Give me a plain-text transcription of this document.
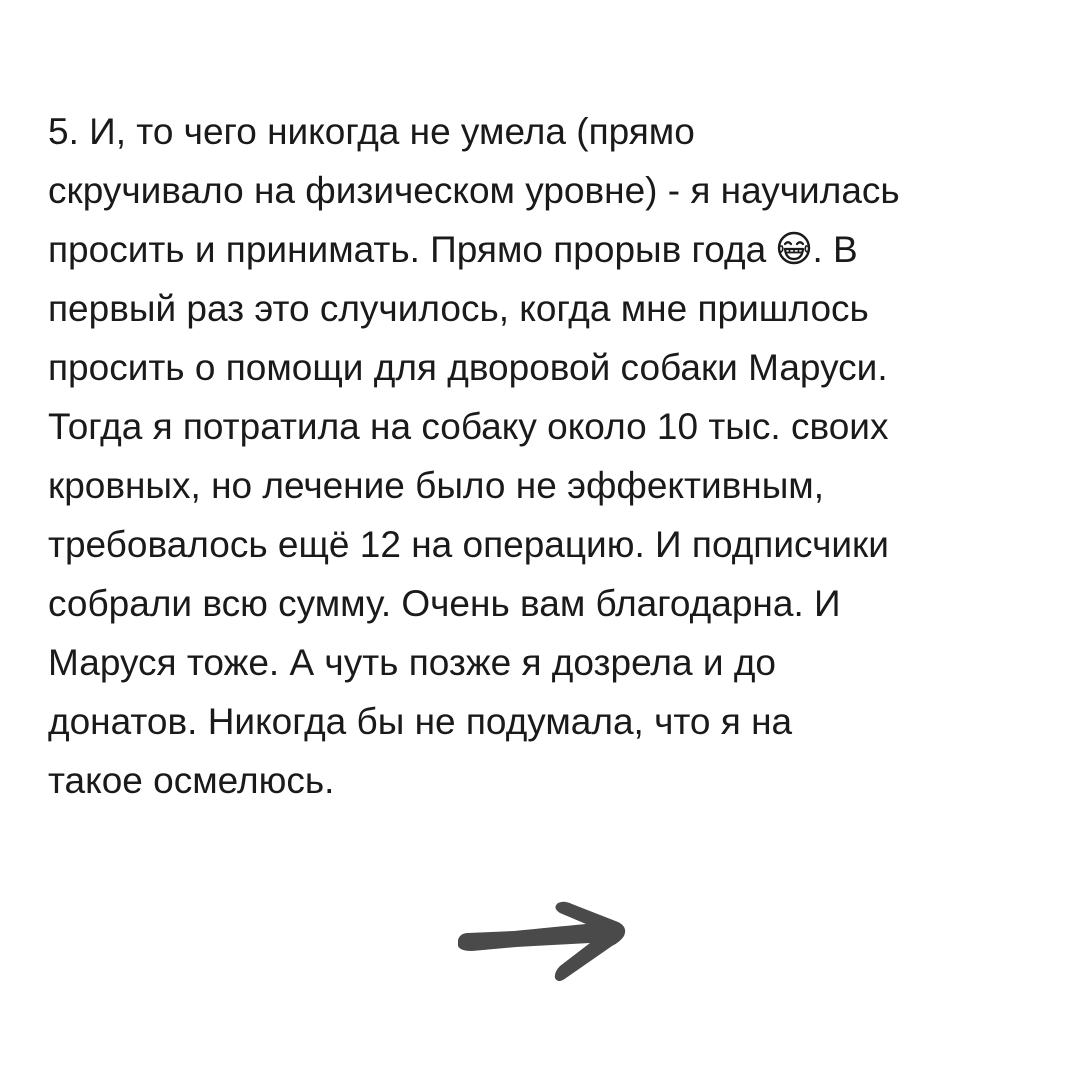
5. И, то чего никогда не умела (прямо
скручивало на физическом уровне) - я научилась
просить и принимать. Прямо прорыв года . В
первый раз это случилось, когда мне пришлось
просить о помощи для дворовой собаки Маруси.
Тогда я потратила на собаку около 10 тыс. своих
кровных, но лечение было не эффективным,
требовалось ещё 12 на операцию. И подписчики
собрали всю сумму. Очень вам благодарна. И
Маруся тоже. А чуть позже я дозрела и до
донатов. Никогда бы не подумала, что я на
такое осмелюсь.
